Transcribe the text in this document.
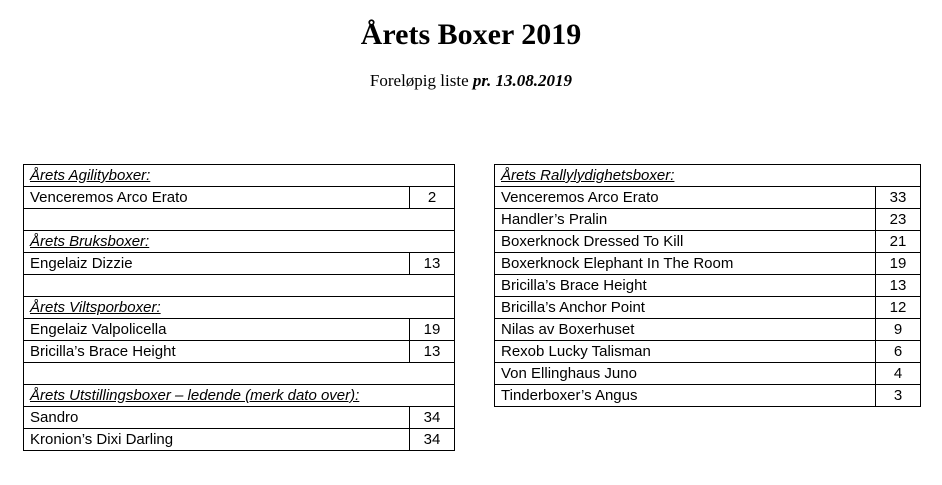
Årets Boxer 2019
Foreløpig liste pr. 13.08.2019
Årets Agilityboxer:	
Venceremos Arco Erato	2

Årets Bruksboxer:	
Engelaiz Dizzie	13

Årets Viltsporboxer:	
Engelaiz Valpolicella	19
Bricilla’s Brace Height	13

Årets Utstillingsboxer – ledende (merk dato over):	
Sandro	34
Kronion’s Dixi Darling	34
Årets Rallylydighetsboxer:	
Venceremos Arco Erato	33
Handler’s Pralin	23
Boxerknock Dressed To Kill	21
Boxerknock Elephant In The Room	19
Bricilla’s Brace Height	13
Bricilla’s Anchor Point	12
Nilas av Boxerhuset	9
Rexob Lucky Talisman	6
Von Ellinghaus Juno	4
Tinderboxer’s Angus	3
